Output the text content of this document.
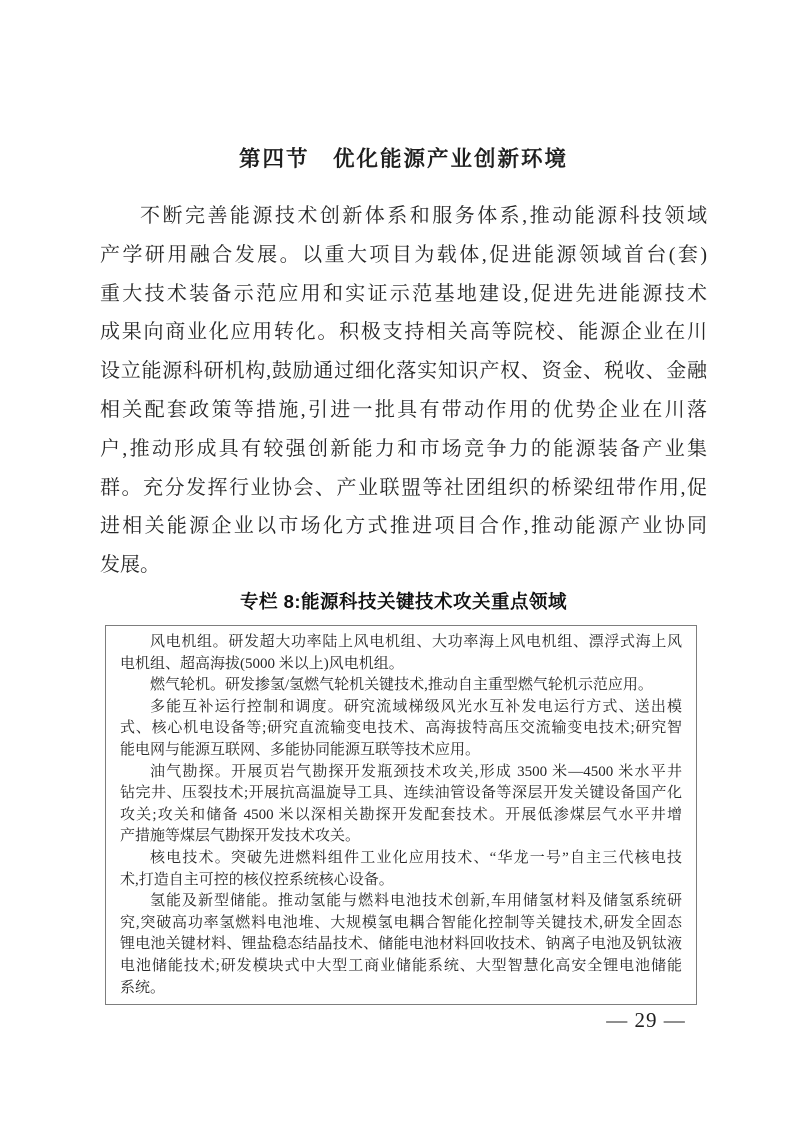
第四节　优化能源产业创新环境
不断完善能源技术创新体系和服务体系,推动能源科技领域
产学研用融合发展。以重大项目为载体,促进能源领域首台(套)
重大技术装备示范应用和实证示范基地建设,促进先进能源技术
成果向商业化应用转化。积极支持相关高等院校、能源企业在川
设立能源科研机构,鼓励通过细化落实知识产权、资金、税收、金融
相关配套政策等措施,引进一批具有带动作用的优势企业在川落
户,推动形成具有较强创新能力和市场竞争力的能源装备产业集
群。充分发挥行业协会、产业联盟等社团组织的桥梁纽带作用,促
进相关能源企业以市场化方式推进项目合作,推动能源产业协同
发展。
专栏 8:能源科技关键技术攻关重点领域
风电机组。研发超大功率陆上风电机组、大功率海上风电机组、漂浮式海上风
电机组、超高海拔(5000 米以上)风电机组。
燃气轮机。研发掺氢/氢燃气轮机关键技术,推动自主重型燃气轮机示范应用。
多能互补运行控制和调度。研究流域梯级风光水互补发电运行方式、送出模
式、核心机电设备等;研究直流输变电技术、高海拔特高压交流输变电技术;研究智
能电网与能源互联网、多能协同能源互联等技术应用。
油气勘探。开展页岩气勘探开发瓶颈技术攻关,形成 3500 米—4500 米水平井
钻完井、压裂技术;开展抗高温旋导工具、连续油管设备等深层开发关键设备国产化
攻关;攻关和储备 4500 米以深相关勘探开发配套技术。开展低渗煤层气水平井增
产措施等煤层气勘探开发技术攻关。
核电技术。突破先进燃料组件工业化应用技术、“华龙一号”自主三代核电技
术,打造自主可控的核仪控系统核心设备。
氢能及新型储能。推动氢能与燃料电池技术创新,车用储氢材料及储氢系统研
究,突破高功率氢燃料电池堆、大规模氢电耦合智能化控制等关键技术,研发全固态
锂电池关键材料、锂盐稳态结晶技术、储能电池材料回收技术、钠离子电池及钒钛液
电池储能技术;研发模块式中大型工商业储能系统、大型智慧化高安全锂电池储能
系统。
— 29 —
